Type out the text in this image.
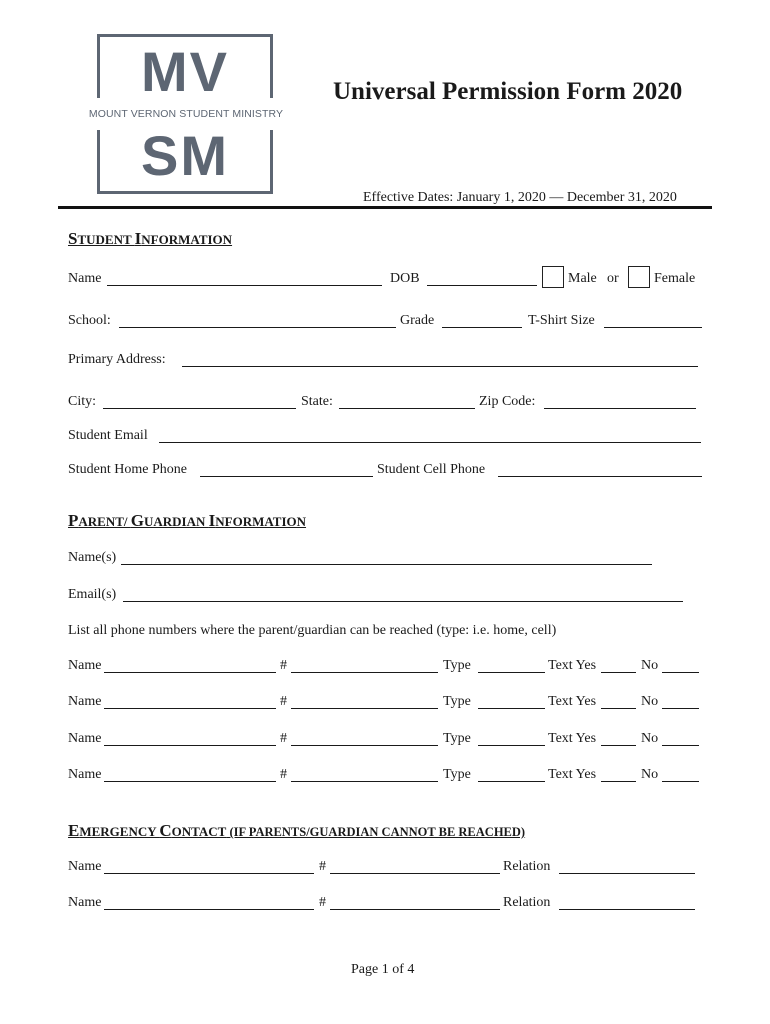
MV
SM
MOUNT VERNON STUDENT MINISTRY
Universal Permission Form 2020
Effective Dates: January 1, 2020 — December 31, 2020
STUDENT INFORMATION
Name	DOB	Male or	Female
School:	Grade	T-Shirt Size
Primary Address:
City:	State:	Zip Code:
Student Email
Student Home Phone	Student Cell Phone
PARENT/ GUARDIAN INFORMATION
Name(s)
Email(s)
List all phone numbers where the parent/guardian can be reached (type: i.e. home, cell)
Name	#	Type	Text Yes	No
Name	#	Type	Text Yes	No
Name	#	Type	Text Yes	No
Name	#	Type	Text Yes	No
EMERGENCY CONTACT (IF PARENTS/GUARDIAN CANNOT BE REACHED)
Name	#	Relation
Name	#	Relation
Page 1 of 4
